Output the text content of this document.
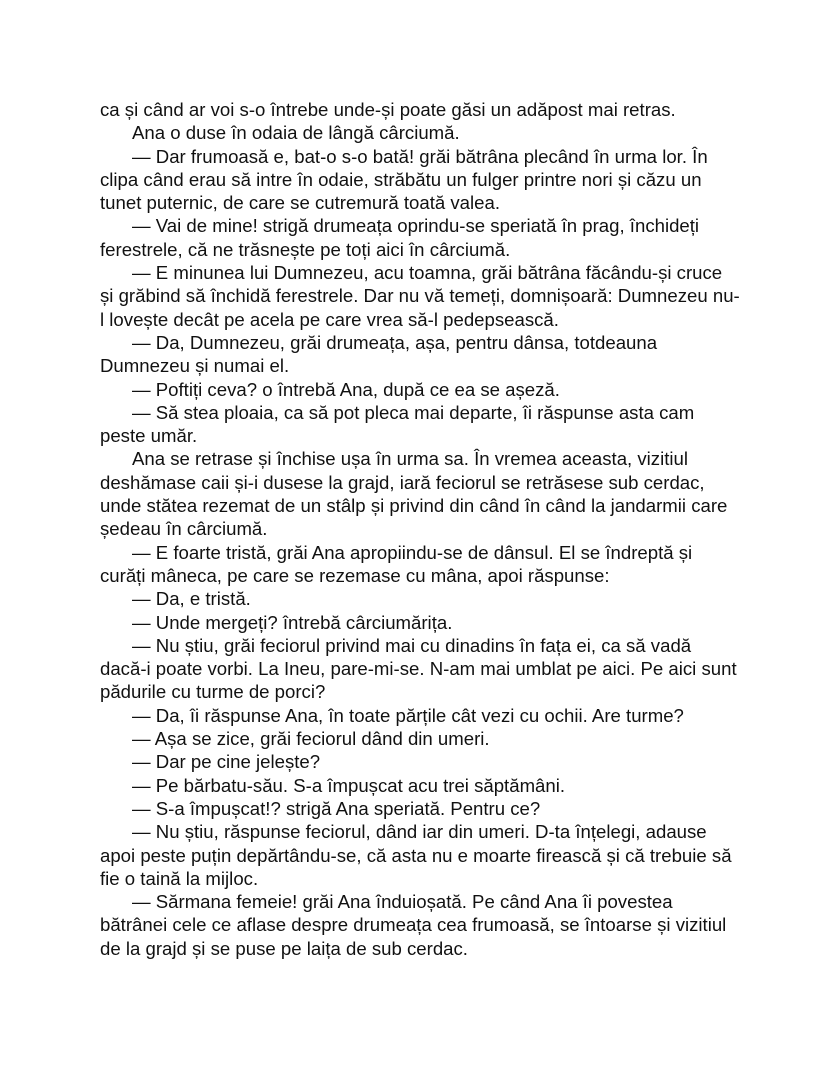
ca și când ar voi s-o întrebe unde-și poate găsi un adăpost mai retras.

Ana o duse în odaia de lângă cârciumă.

— Dar frumoasă e, bat-o s-o bată! grăi bătrâna plecând în urma lor. În clipa când erau să intre în odaie, străbătu un fulger printre nori și căzu un tunet puternic, de care se cutremură toată valea.

— Vai de mine! strigă drumeața oprindu-se speriată în prag, închideți ferestrele, că ne trăsnește pe toți aici în cârciumă.

— E minunea lui Dumnezeu, acu toamna, grăi bătrâna făcându-și cruce și grăbind să închidă ferestrele. Dar nu vă temeți, domnișoară: Dumnezeu nu-l lovește decât pe acela pe care vrea să-l pedepsească.

— Da, Dumnezeu, grăi drumeața, așa, pentru dânsa, totdeauna Dumnezeu și numai el.

— Poftiți ceva? o întrebă Ana, după ce ea se așeză.

— Să stea ploaia, ca să pot pleca mai departe, îi răspunse asta cam peste umăr.

Ana se retrase și închise ușa în urma sa. În vremea aceasta, vizitiul deshămase caii și-i dusese la grajd, iară feciorul se retrăsese sub cerdac, unde stătea rezemat de un stâlp și privind din când în când la jandarmii care ședeau în cârciumă.

— E foarte tristă, grăi Ana apropiindu-se de dânsul. El se îndreptă și curăți mâneca, pe care se rezemase cu mâna, apoi răspunse:

— Da, e tristă.

— Unde mergeți? întrebă cârciumărița.

— Nu știu, grăi feciorul privind mai cu dinadins în fața ei, ca să vadă dacă-i poate vorbi. La Ineu, pare-mi-se. N-am mai umblat pe aici. Pe aici sunt pădurile cu turme de porci?

— Da, îi răspunse Ana, în toate părțile cât vezi cu ochii. Are turme?

— Așa se zice, grăi feciorul dând din umeri.

— Dar pe cine jelește?

— Pe bărbatu-său. S-a împușcat acu trei săptămâni.

— S-a împușcat!? strigă Ana speriată. Pentru ce?

— Nu știu, răspunse feciorul, dând iar din umeri. D-ta înțelegi, adause apoi peste puțin depărtându-se, că asta nu e moarte firească și că trebuie să fie o taină la mijloc.

— Sărmana femeie! grăi Ana înduioșată. Pe când Ana îi povestea bătrânei cele ce aflase despre drumeața cea frumoasă, se întoarse și vizitiul de la grajd și se puse pe laița de sub cerdac.
